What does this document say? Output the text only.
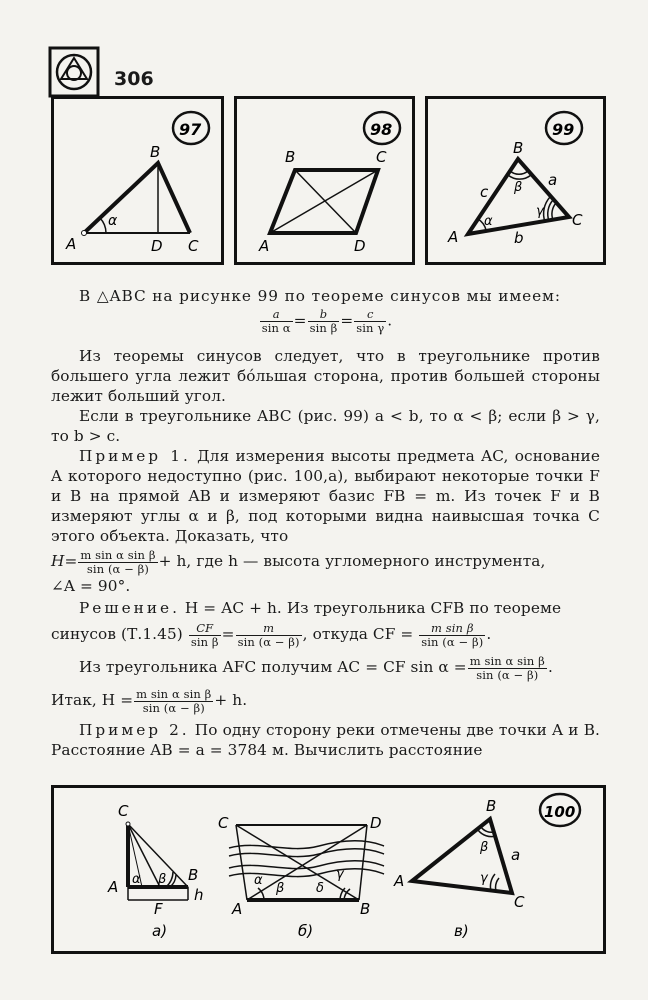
306
97
B
A	D C
α
98
B	C
A	D
99
B
A
C
c
a
b
α
β
γ

В △ABC на рисунке 99 по теореме синусов мы имеем:

$\frac{a}{\text{sin α}} = \frac{b}{\text{sin β}} = \frac{c}{\text{sin γ}}$ .

Из теоремы синусов следует, что в треугольнике против большего угла лежит бóльшая сторона, против большей стороны лежит больший угол.

Если в треугольнике ABC (рис. 99) a < b, то α < β; если β > γ, то b > c.

Пример 1. Для измерения высоты предмета AC, основание A которого недоступно (рис. 100,a), выбирают некоторые точки F и B на прямой AB и измеряют базис FB = m. Из точек F и B измеряют углы α и β, под которыми видна наивысшая точка C этого объекта. Доказать, что

$H= \frac{\text{m sin α sin β}}{\sin (\alpha - \beta)} + h$, где h — высота угломерного инструмента,
∠A = 90°.

Решение. H = AC + h. Из треугольника CFB по теореме

синусов $(Т.1.45) \frac{CF}{\text{sin β}} = \frac{m}{\sin (\alpha - \beta)}$ , откуда CF = $\frac{\text{m sin β}}{\sin (\alpha - \beta)}$ .
Из треугольника AFC получим AC = CF $\sin \alpha = \frac{\text{m sin α sin β}}{\sin (\alpha - \beta)}$ .
Итак, $H = \frac{\text{m sin α sin β}}{\sin (\alpha - \beta)} + h$.

Пример 2. По одну сторону реки отмечены две точки A и B. Расстояние AB = a = 3784 м. Вычислить расстояние

100
C
A
F
B
h
α β
а)
C	D
A	B
α
β δ
γ
б)
B
A
C
a
β
γ
в)
